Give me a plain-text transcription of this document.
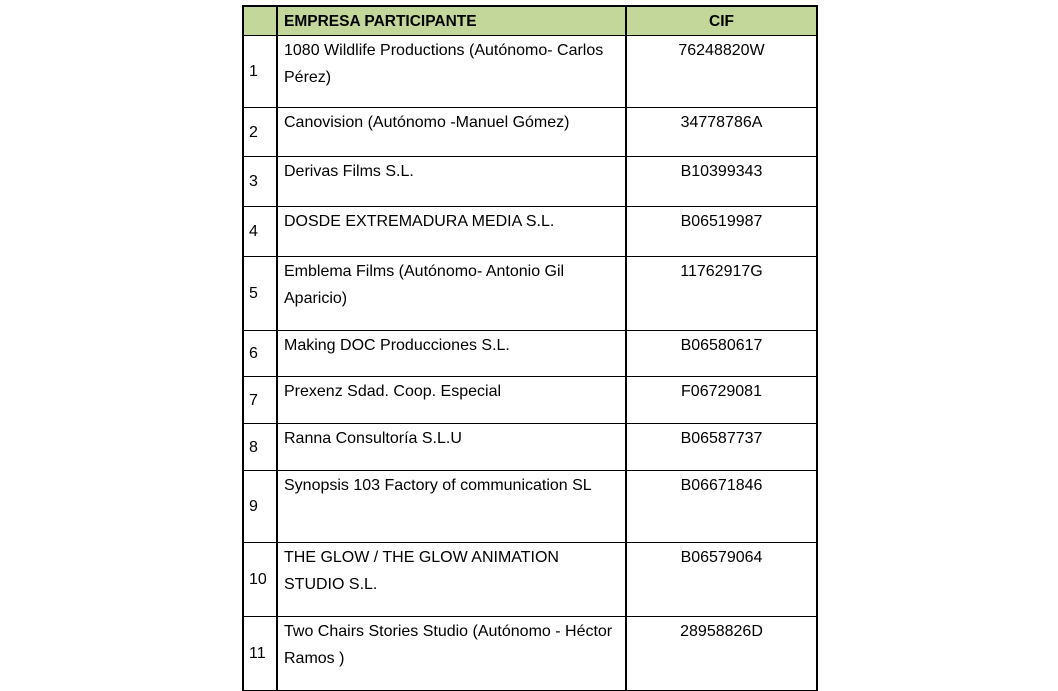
	EMPRESA PARTICIPANTE	CIF
1	1080 Wildlife Productions (Autónomo- Carlos Pérez)	76248820W
2	Canovision (Autónomo -Manuel Gómez)	34778786A
3	Derivas Films S.L.	B10399343
4	DOSDE EXTREMADURA MEDIA S.L.	B06519987
5	Emblema Films (Autónomo- Antonio Gil Aparicio)	11762917G
6	Making DOC Producciones S.L.	B06580617
7	Prexenz Sdad. Coop. Especial	F06729081
8	Ranna Consultoría S.L.U	B06587737
9	Synopsis 103 Factory of communication SL	B06671846
10	THE GLOW / THE GLOW ANIMATION STUDIO S.L.	B06579064
11	Two Chairs Stories Studio (Autónomo - Héctor Ramos )	28958826D
